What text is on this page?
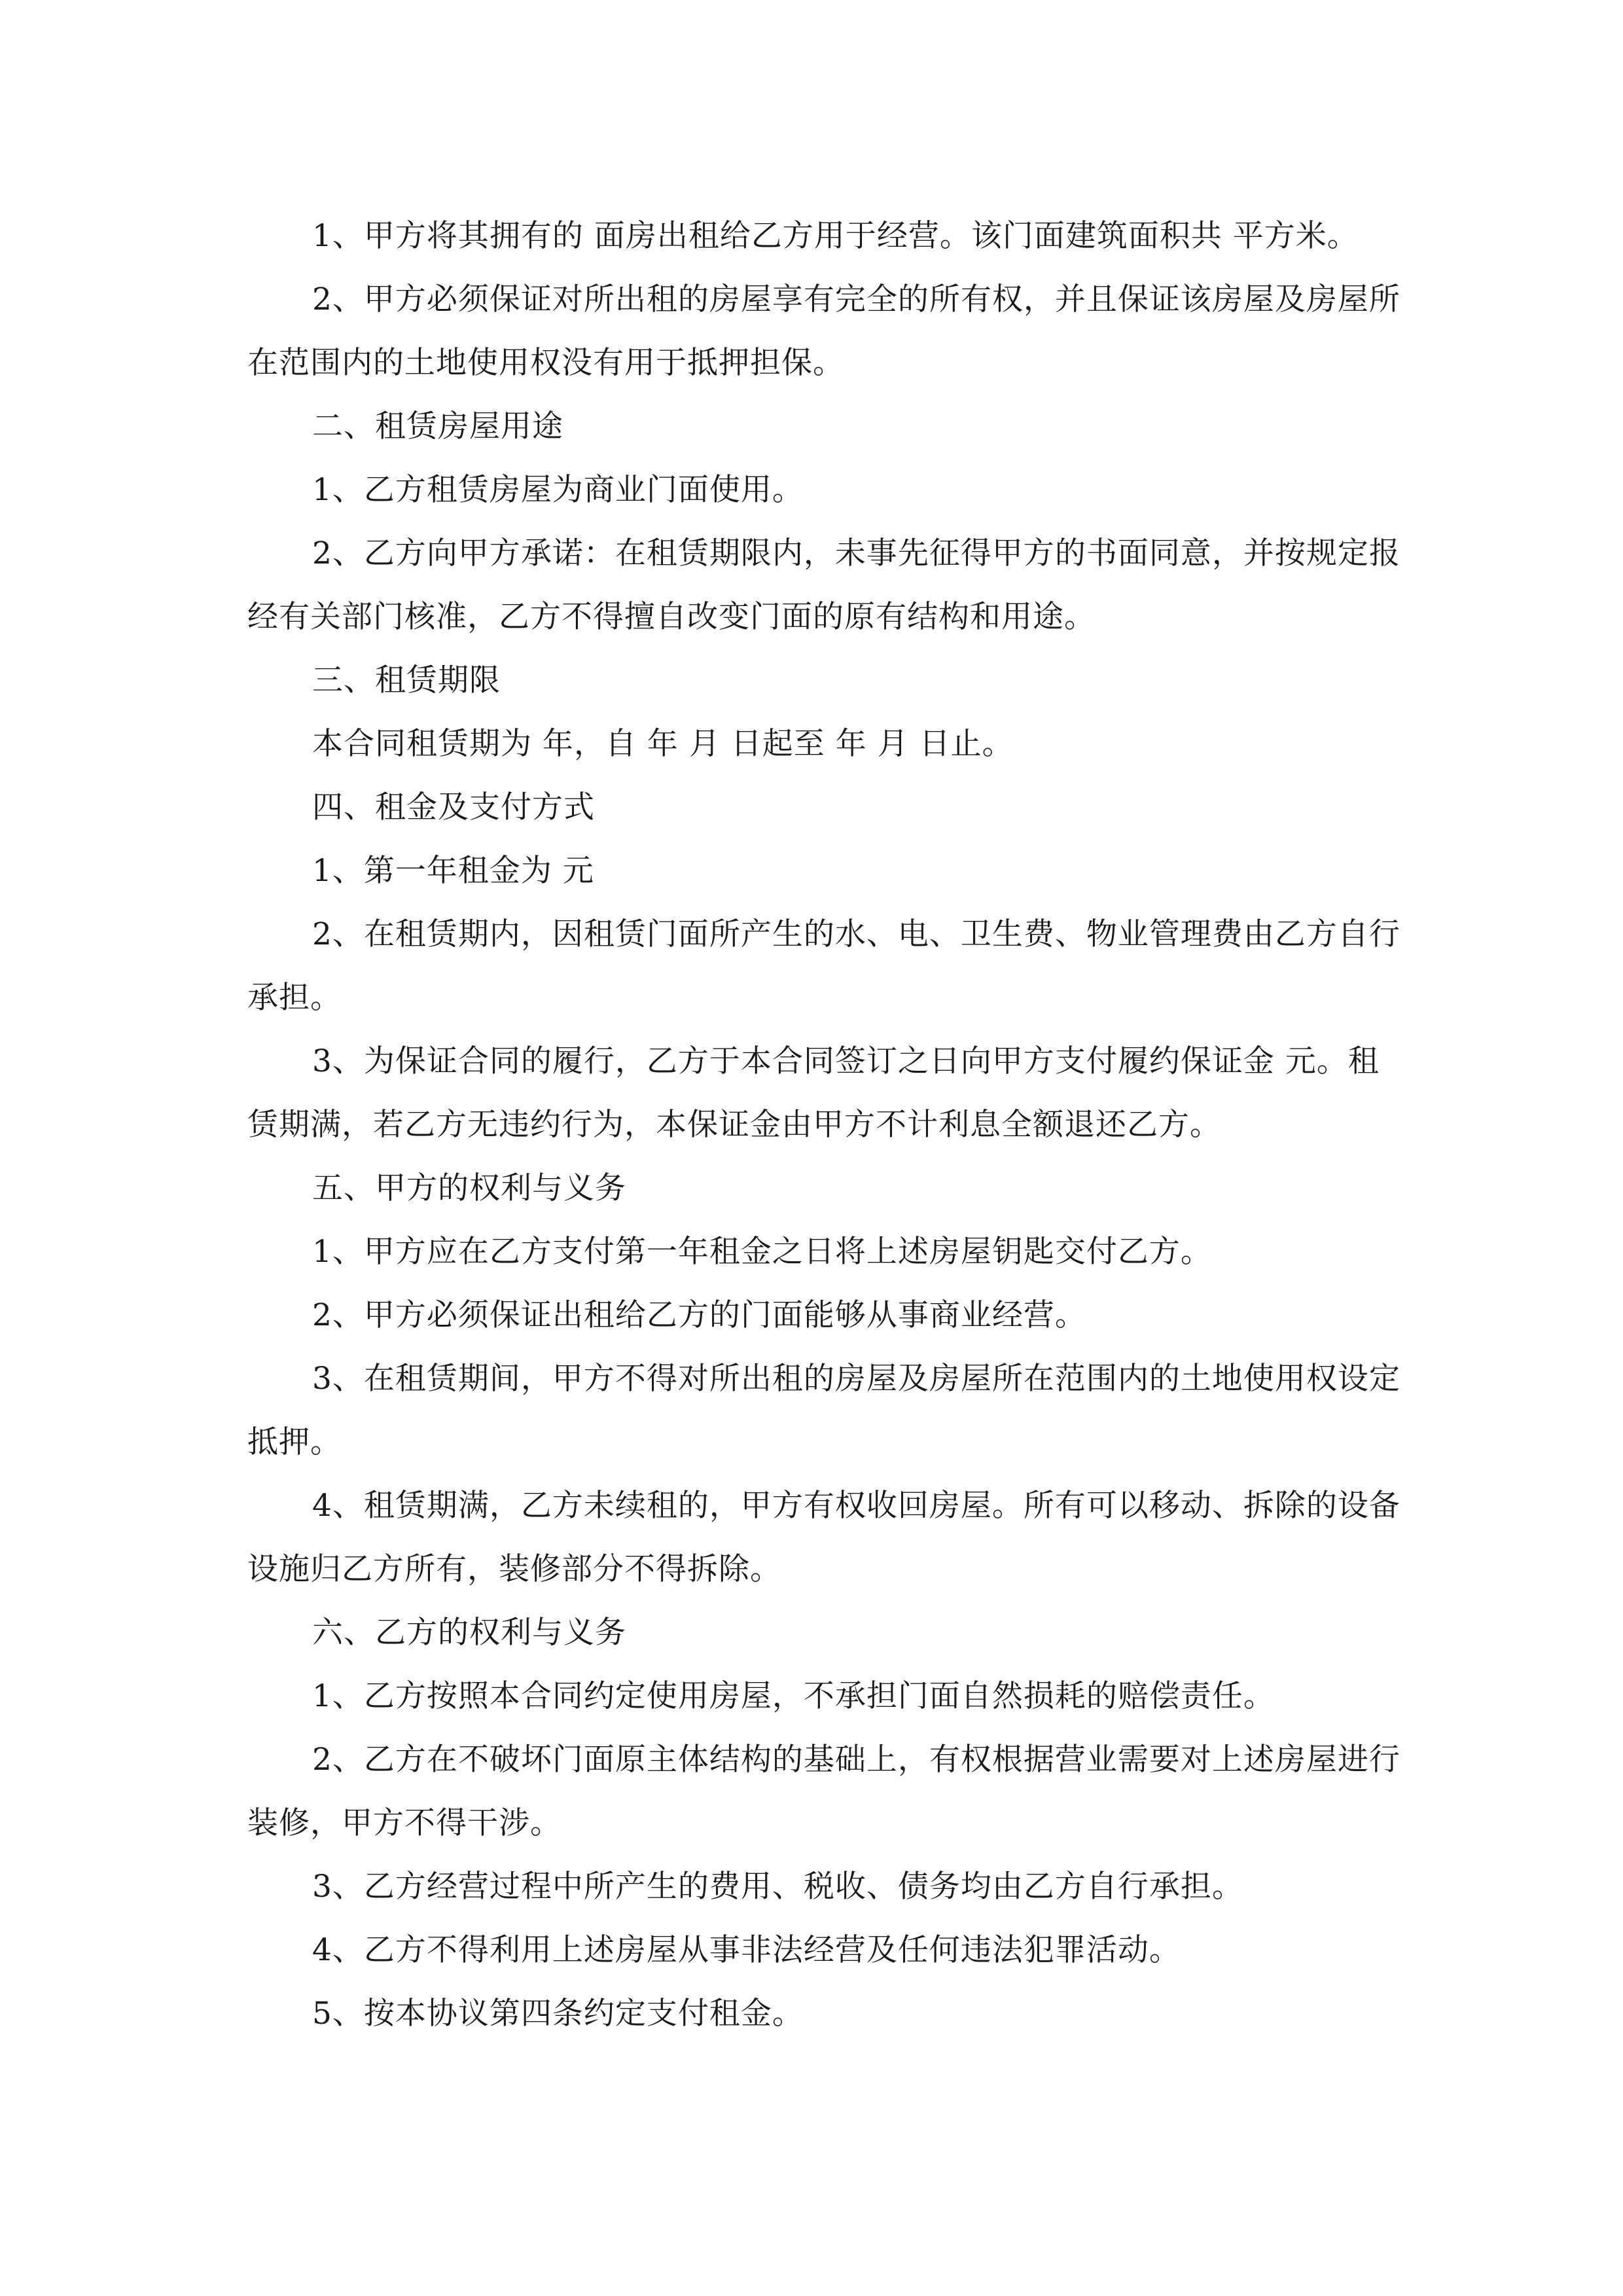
1、甲方将其拥有的 面房出租给乙方用于经营。该门面建筑面积共 平方米。

2、甲方必须保证对所出租的房屋享有完全的所有权，并且保证该房屋及房屋所在范围内的土地使用权没有用于抵押担保。

二、租赁房屋用途

1、乙方租赁房屋为商业门面使用。

2、乙方向甲方承诺：在租赁期限内，未事先征得甲方的书面同意，并按规定报经有关部门核准，乙方不得擅自改变门面的原有结构和用途。

三、租赁期限

本合同租赁期为 年，自 年 月 日起至 年 月 日止。

四、租金及支付方式

1、第一年租金为 元

2、在租赁期内，因租赁门面所产生的水、电、卫生费、物业管理费由乙方自行承担。

3、为保证合同的履行，乙方于本合同签订之日向甲方支付履约保证金 元。租赁期满，若乙方无违约行为，本保证金由甲方不计利息全额退还乙方。

五、甲方的权利与义务

1、甲方应在乙方支付第一年租金之日将上述房屋钥匙交付乙方。

2、甲方必须保证出租给乙方的门面能够从事商业经营。

3、在租赁期间，甲方不得对所出租的房屋及房屋所在范围内的土地使用权设定抵押。

4、租赁期满，乙方未续租的，甲方有权收回房屋。所有可以移动、拆除的设备设施归乙方所有，装修部分不得拆除。

六、乙方的权利与义务

1、乙方按照本合同约定使用房屋，不承担门面自然损耗的赔偿责任。

2、乙方在不破坏门面原主体结构的基础上，有权根据营业需要对上述房屋进行装修，甲方不得干涉。

3、乙方经营过程中所产生的费用、税收、债务均由乙方自行承担。

4、乙方不得利用上述房屋从事非法经营及任何违法犯罪活动。

5、按本协议第四条约定支付租金。
